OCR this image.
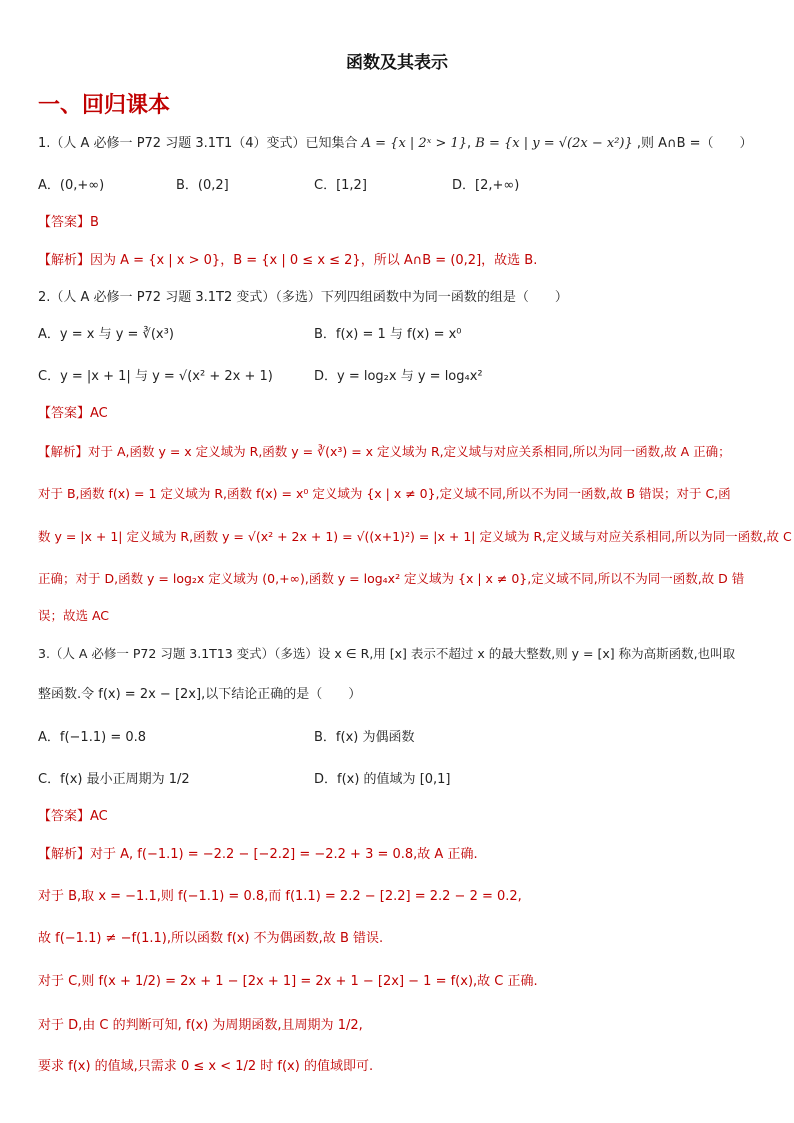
函数及其表示
一、回归课本
1.（人 A 必修一 P72 习题 3.1T1（4）变式）已知集合 A = {x | 2ˣ > 1}, B = {x | y = √(2x − x²)} ,则 A∩B =（　　）
A．(0,+∞)	B．(0,2]	C．[1,2]	D．[2,+∞)
【答案】B
【解析】因为 A = {x | x > 0}，B = {x | 0 ≤ x ≤ 2}，所以 A∩B = (0,2]，故选 B.
2.（人 A 必修一 P72 习题 3.1T2 变式）（多选）下列四组函数中为同一函数的组是（　　）
A．y = x 与 y = ∛(x³)	B．f(x) = 1 与 f(x) = x⁰
C．y = |x + 1| 与 y = √(x² + 2x + 1)	D．y = log₂x 与 y = log₄x²
【答案】AC
【解析】对于 A,函数 y = x 定义域为 R,函数 y = ∛(x³) = x 定义域为 R,定义域与对应关系相同,所以为同一函数,故 A 正确；
对于 B,函数 f(x) = 1 定义域为 R,函数 f(x) = x⁰ 定义域为 {x | x ≠ 0},定义域不同,所以不为同一函数,故 B 错误；对于 C,函
数 y = |x + 1| 定义域为 R,函数 y = √(x² + 2x + 1) = √((x+1)²) = |x + 1| 定义域为 R,定义域与对应关系相同,所以为同一函数,故 C
正确；对于 D,函数 y = log₂x 定义域为 (0,+∞),函数 y = log₄x² 定义域为 {x | x ≠ 0},定义域不同,所以不为同一函数,故 D 错
误；故选 AC
3.（人 A 必修一 P72 习题 3.1T13 变式）（多选）设 x ∈ R,用 [x] 表示不超过 x 的最大整数,则 y = [x] 称为高斯函数,也叫取
整函数.令 f(x) = 2x − [2x],以下结论正确的是（　　）
A．f(−1.1) = 0.8	B．f(x) 为偶函数
C．f(x) 最小正周期为 1/2	D．f(x) 的值域为 [0,1]
【答案】AC
【解析】对于 A, f(−1.1) = −2.2 − [−2.2] = −2.2 + 3 = 0.8,故 A 正确.
对于 B,取 x = −1.1,则 f(−1.1) = 0.8,而 f(1.1) = 2.2 − [2.2] = 2.2 − 2 = 0.2,
故 f(−1.1) ≠ −f(1.1),所以函数 f(x) 不为偶函数,故 B 错误.
对于 C,则 f(x + 1/2) = 2x + 1 − [2x + 1] = 2x + 1 − [2x] − 1 = f(x),故 C 正确.
对于 D,由 C 的判断可知, f(x) 为周期函数,且周期为 1/2,
要求 f(x) 的值域,只需求 0 ≤ x < 1/2 时 f(x) 的值域即可.
